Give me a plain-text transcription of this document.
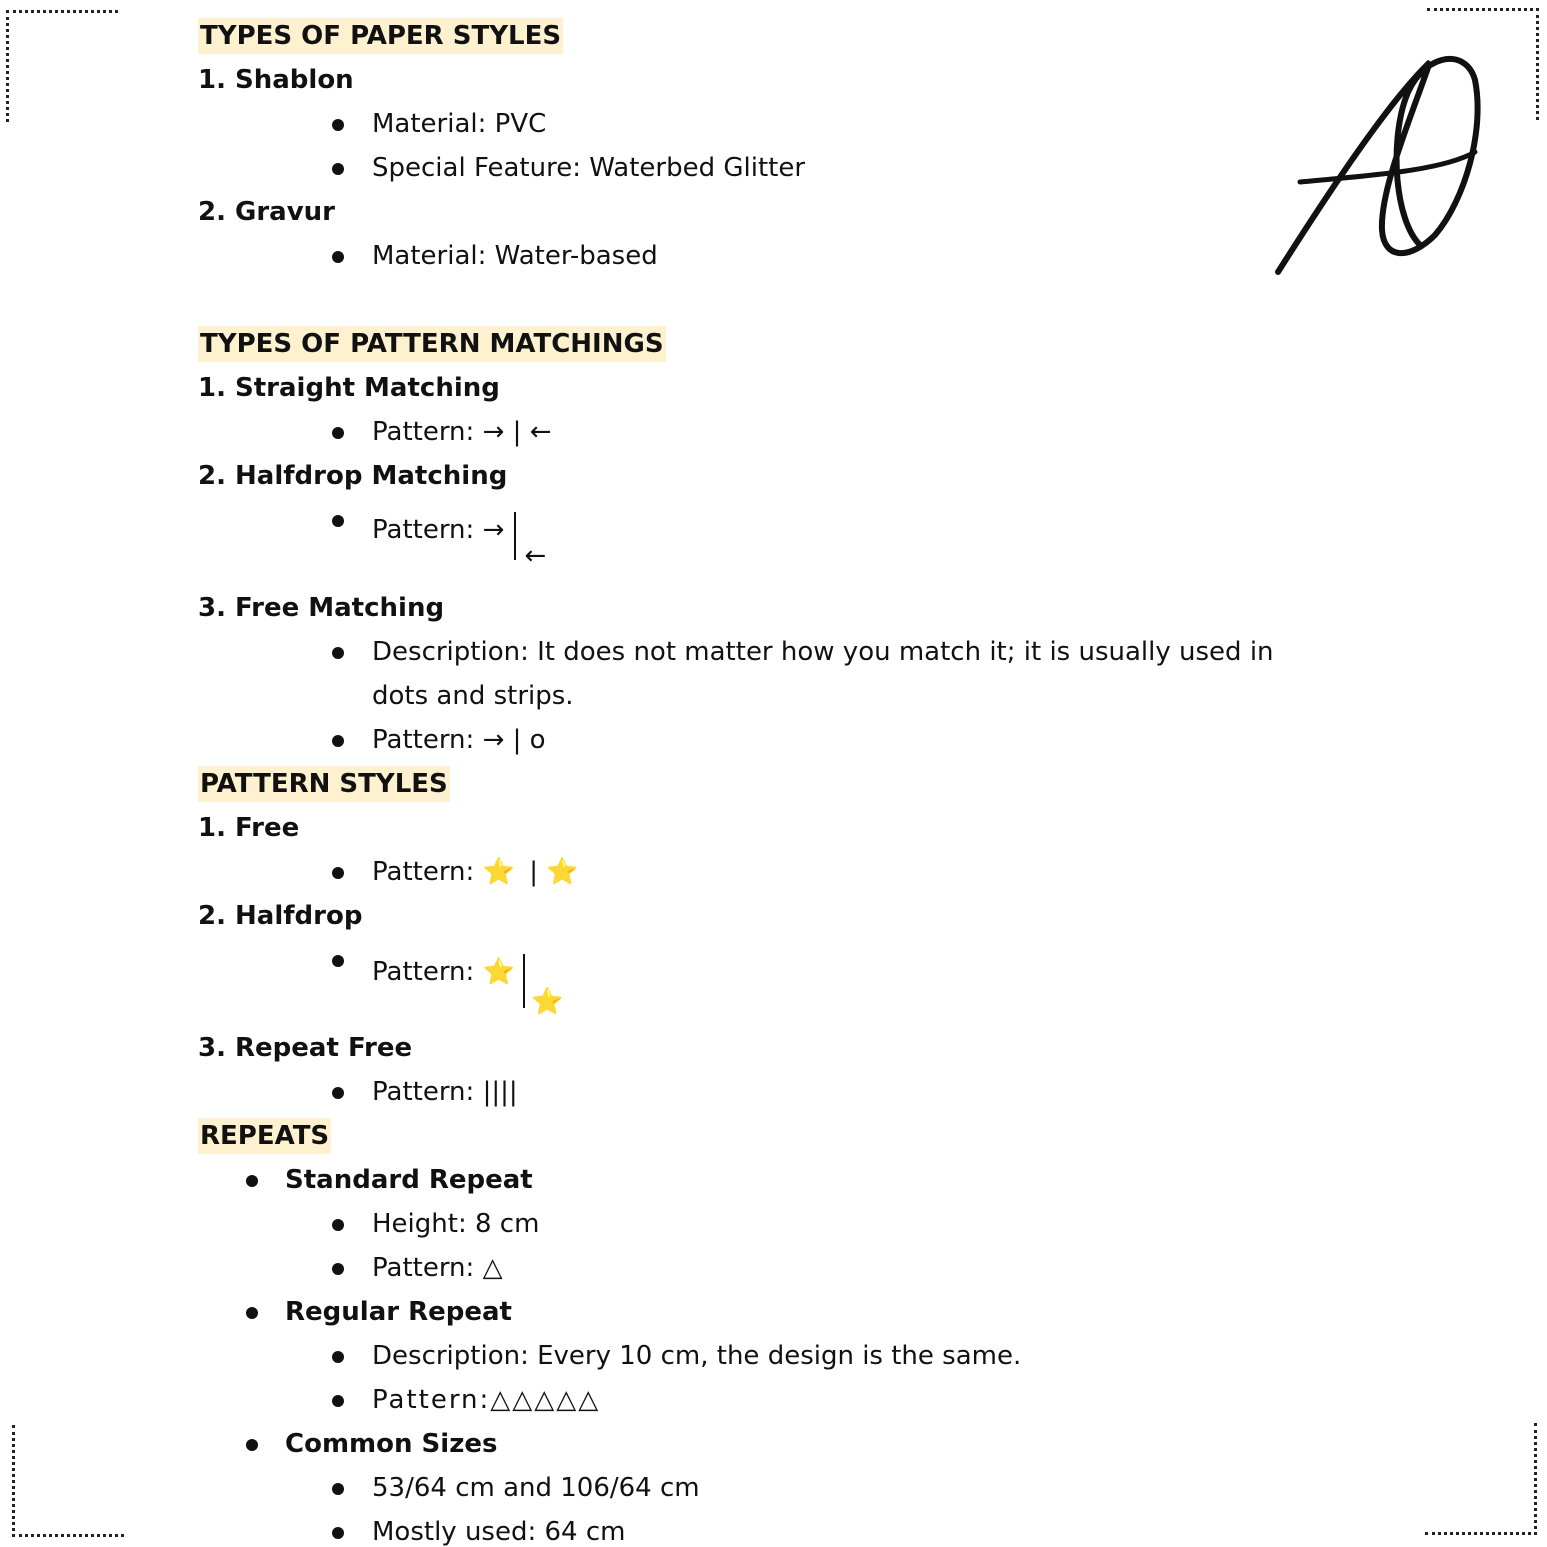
TYPES OF PAPER STYLES
1. Shablon
Material: PVC
Special Feature: Waterbed Glitter
2. Gravur
Material: Water-based
TYPES OF PATTERN MATCHINGS
1. Straight Matching
Pattern: → | ←
2. Halfdrop Matching
Pattern: →
←
3. Free Matching
Description: It does not matter how you match it; it is usually used in dots and strips.
Pattern: → | o
PATTERN STYLES
1. Free
Pattern: ⭐ | ⭐
2. Halfdrop
Pattern: ⭐
⭐
3. Repeat Free
Pattern: ||||
REPEATS
Standard Repeat
Height: 8 cm
Pattern: △
Regular Repeat
Description: Every 10 cm, the design is the same.
Pattern:△△△△△
Common Sizes
53/64 cm and 106/64 cm
Mostly used: 64 cm
